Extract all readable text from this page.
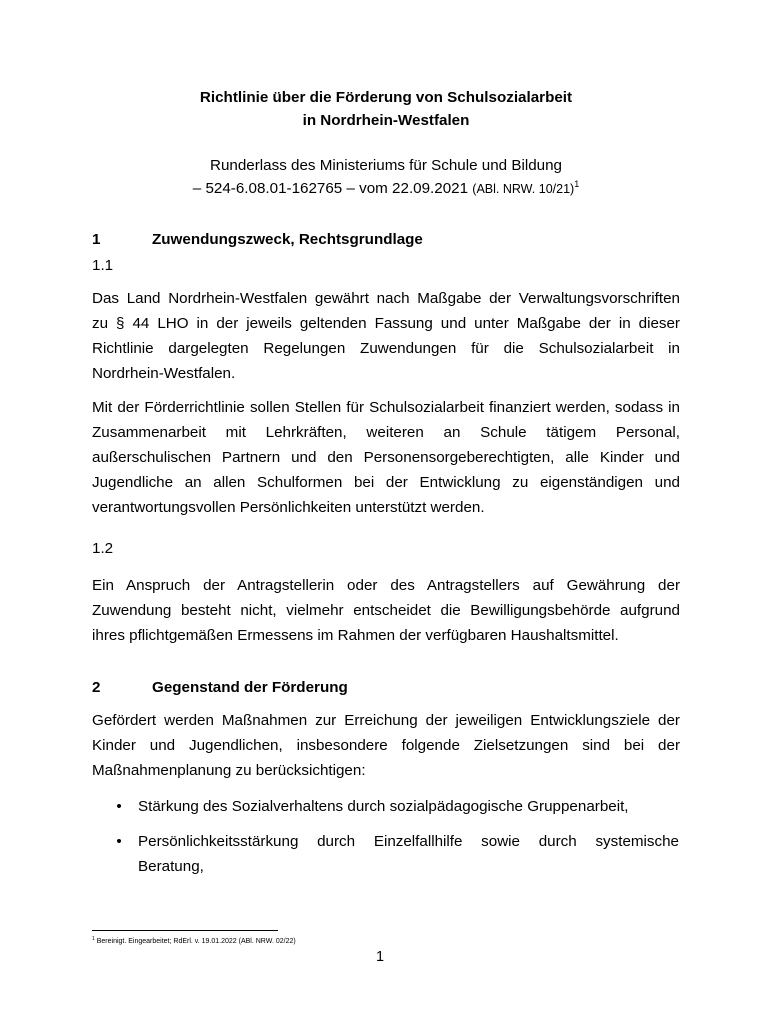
Richtlinie über die Förderung von Schulsozialarbeit
in Nordrhein-Westfalen
Runderlass des Ministeriums für Schule und Bildung
– 524-6.08.01-162765 – vom 22.09.2021 (ABl. NRW. 10/21)$^1$
1	Zuwendungszweck, Rechtsgrundlage
1.1
Das Land Nordrhein-Westfalen gewährt nach Maßgabe der Verwaltungsvorschriften
zu § 44 LHO in der jeweils geltenden Fassung und unter Maßgabe der in dieser
Richtlinie dargelegten Regelungen Zuwendungen für die Schulsozialarbeit in
Nordrhein-Westfalen.
Mit der Förderrichtlinie sollen Stellen für Schulsozialarbeit finanziert werden, sodass in
Zusammenarbeit mit Lehrkräften, weiteren an Schule tätigem Personal,
außerschulischen Partnern und den Personensorgeberechtigten, alle Kinder und
Jugendliche an allen Schulformen bei der Entwicklung zu eigenständigen und
verantwortungsvollen Persönlichkeiten unterstützt werden.
1.2
Ein Anspruch der Antragstellerin oder des Antragstellers auf Gewährung der
Zuwendung besteht nicht, vielmehr entscheidet die Bewilligungsbehörde aufgrund
ihres pflichtgemäßen Ermessens im Rahmen der verfügbaren Haushaltsmittel.
2	Gegenstand der Förderung
Gefördert werden Maßnahmen zur Erreichung der jeweiligen Entwicklungsziele der
Kinder und Jugendlichen, insbesondere folgende Zielsetzungen sind bei der
Maßnahmenplanung zu berücksichtigen:
• Stärkung des Sozialverhaltens durch sozialpädagogische Gruppenarbeit,
• Persönlichkeitsstärkung durch Einzelfallhilfe sowie durch systemische
Beratung,
$^1$ Bereinigt. Eingearbeitet; RdErl. v. 19.01.2022 (ABl. NRW. 02/22)
1
